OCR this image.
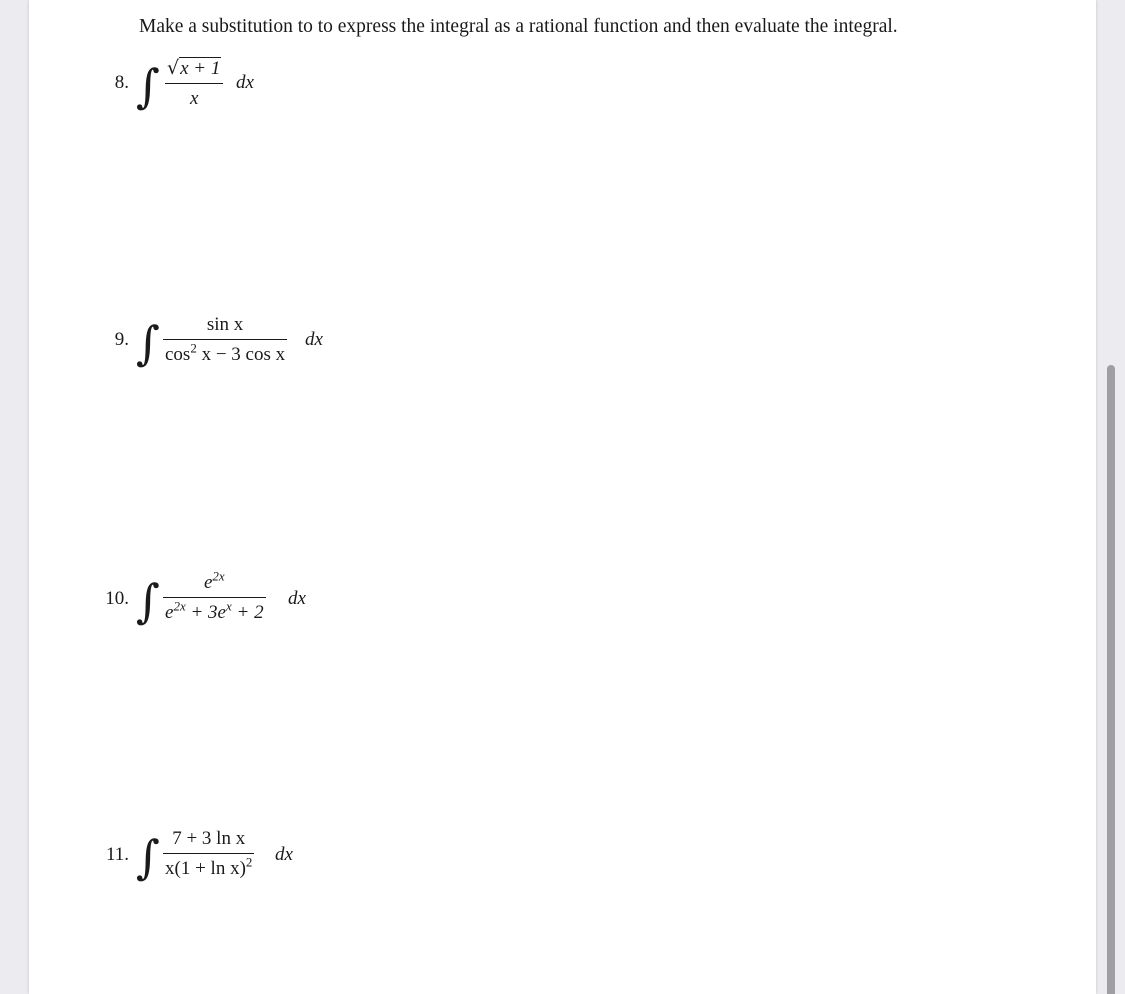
Make a substitution to to express the integral as a rational function and then evaluate the integral.
8. ∫ √ x + 1
x
dx
9. ∫ sin x
$\cos^2 x - 3$ cos x
dx
10. ∫ $e^{2x}$
$e^{2x} + 3e^x + 2$
dx
11. ∫ 7 + 3 ln x
$x(1 + \ln x)^2$ dx
